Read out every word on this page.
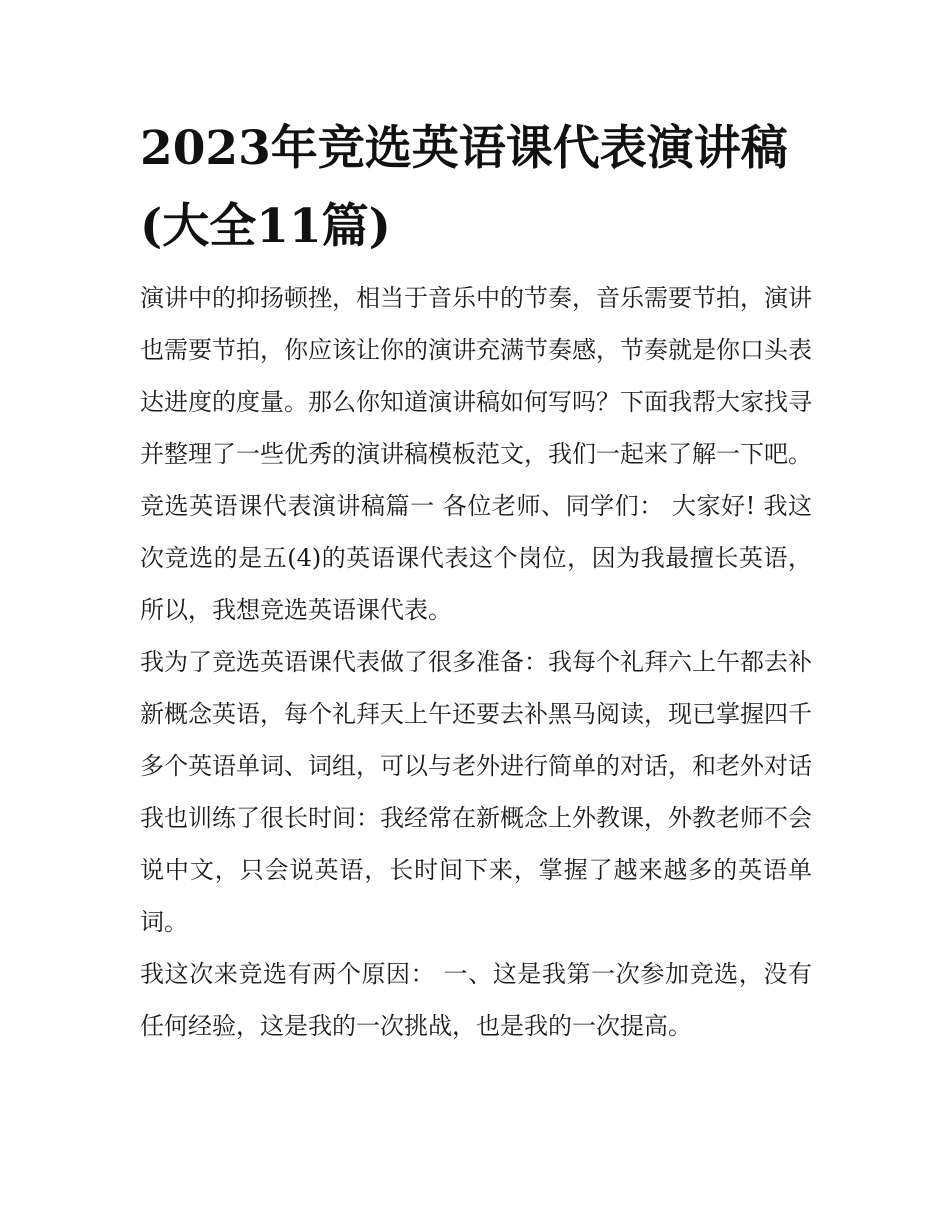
2023年竞选英语课代表演讲稿(大全11篇)

演讲中的抑扬顿挫，相当于音乐中的节奏，音乐需要节拍，演讲也需要节拍，你应该让你的演讲充满节奏感，节奏就是你口头表达进度的度量。那么你知道演讲稿如何写吗？下面我帮大家找寻并整理了一些优秀的演讲稿模板范文，我们一起来了解一下吧。

竞选英语课代表演讲稿篇一 各位老师、同学们： 大家好! 我这次竞选的是五(4)的英语课代表这个岗位，因为我最擅长英语，所以，我想竞选英语课代表。

我为了竞选英语课代表做了很多准备：我每个礼拜六上午都去补新概念英语，每个礼拜天上午还要去补黑马阅读，现已掌握四千多个英语单词、词组，可以与老外进行简单的对话，和老外对话我也训练了很长时间：我经常在新概念上外教课，外教老师不会说中文，只会说英语，长时间下来，掌握了越来越多的英语单词。

我这次来竞选有两个原因： 一、这是我第一次参加竞选，没有任何经验，这是我的一次挑战，也是我的一次提高。
